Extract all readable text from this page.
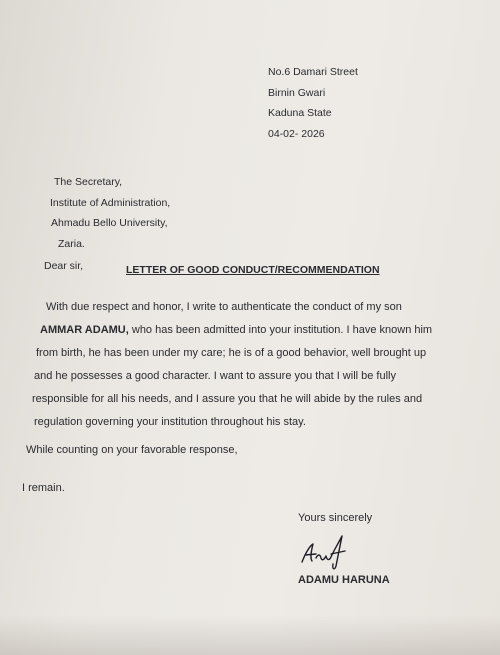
No.6 Damari Street
Birnin Gwari
Kaduna State
04-02- 2026
The Secretary,
Institute of Administration,
Ahmadu Bello University,
Zaria.
Dear sir,	LETTER OF GOOD CONDUCT/RECOMMENDATION
With due respect and honor, I write to authenticate the conduct of my son
AMMAR ADAMU, who has been admitted into your institution. I have known him
from birth, he has been under my care; he is of a good behavior, well brought up
and he possesses a good character. I want to assure you that I will be fully
responsible for all his needs, and I assure you that he will abide by the rules and
regulation governing your institution throughout his stay.
While counting on your favorable response,
I remain.
Yours sincerely
ADAMU HARUNA
